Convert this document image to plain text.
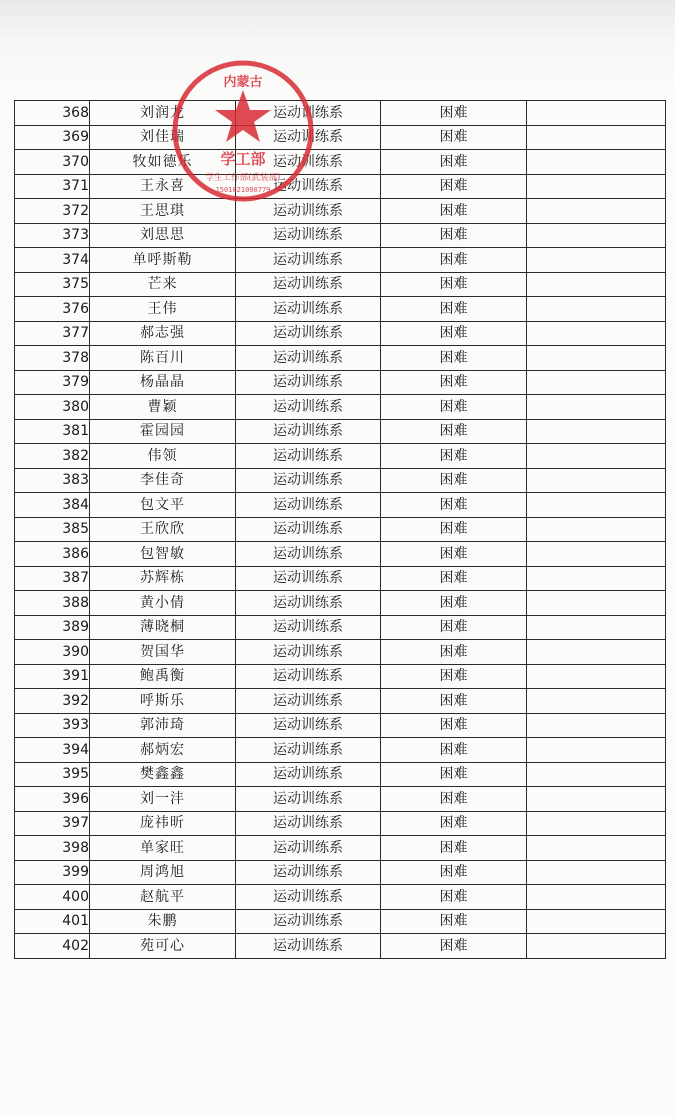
368	刘润龙	运动训练系	困难	
369	刘佳瑞	运动训练系	困难	
370	牧如德乐	运动训练系	困难	
371	王永喜	运动训练系	困难	
372	王思琪	运动训练系	困难	
373	刘思思	运动训练系	困难	
374	单呼斯勒	运动训练系	困难	
375	芒来	运动训练系	困难	
376	王伟	运动训练系	困难	
377	郝志强	运动训练系	困难	
378	陈百川	运动训练系	困难	
379	杨晶晶	运动训练系	困难	
380	曹颖	运动训练系	困难	
381	霍园园	运动训练系	困难	
382	伟领	运动训练系	困难	
383	李佳奇	运动训练系	困难	
384	包文平	运动训练系	困难	
385	王欣欣	运动训练系	困难	
386	包智敏	运动训练系	困难	
387	苏辉栋	运动训练系	困难	
388	黄小倩	运动训练系	困难	
389	薄晓桐	运动训练系	困难	
390	贺国华	运动训练系	困难	
391	鲍禹衡	运动训练系	困难	
392	呼斯乐	运动训练系	困难	
393	郭沛琦	运动训练系	困难	
394	郝炳宏	运动训练系	困难	
395	樊鑫鑫	运动训练系	困难	
396	刘一沣	运动训练系	困难	
397	庞祎昕	运动训练系	困难	
398	单家旺	运动训练系	困难	
399	周鸿旭	运动训练系	困难	
400	赵航平	运动训练系	困难	
401	朱鹏	运动训练系	困难	
402	苑可心	运动训练系	困难	
内蒙古
学工部
学生工作部(武装部)
1501021000779
